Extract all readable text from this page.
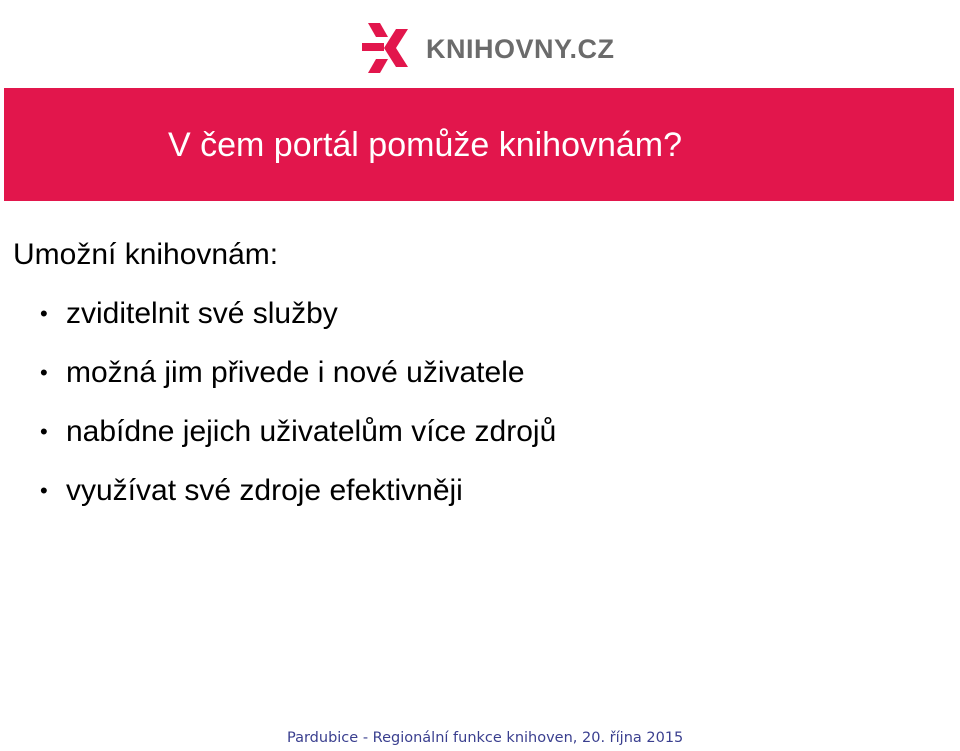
KNIHOVNY.CZ
V čem portál pomůže knihovnám?
Umožní knihovnám:
• zviditelnit své služby
• možná jim přivede i nové uživatele
• nabídne jejich uživatelům více zdrojů
• využívat své zdroje efektivněji
Pardubice - Regionální funkce knihoven, 20. října 2015
